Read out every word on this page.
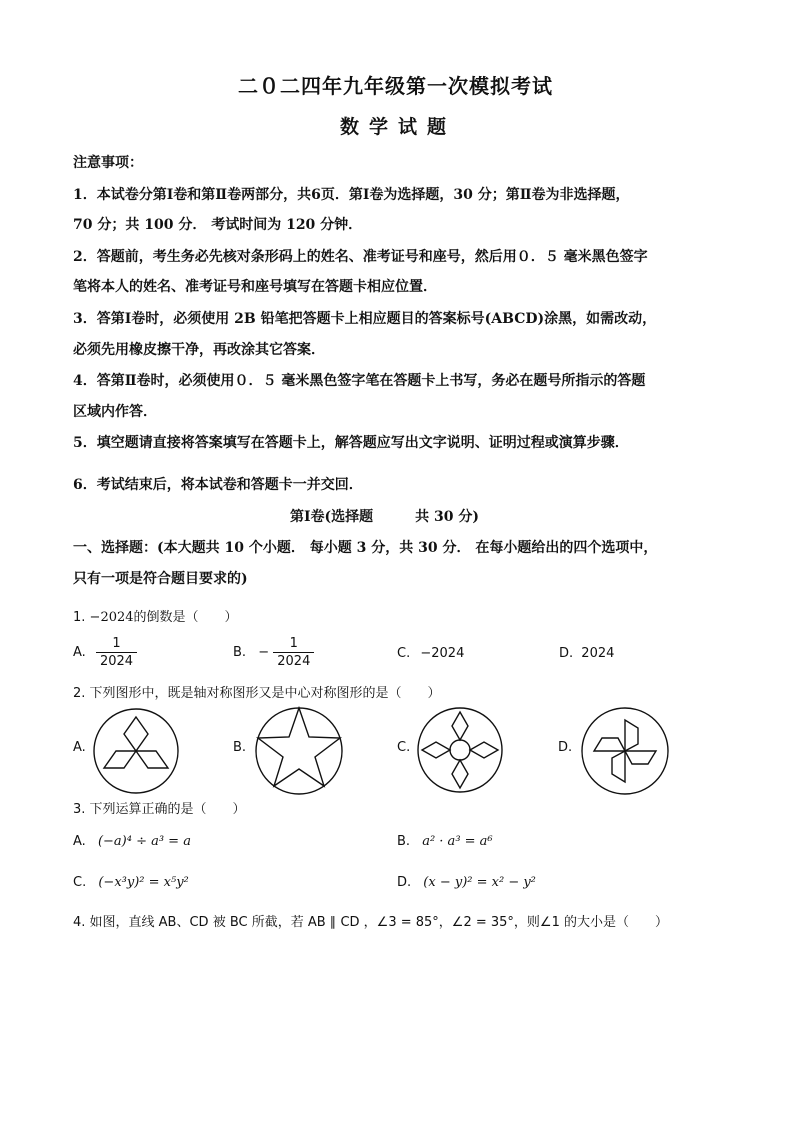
二０二四年九年级第一次模拟考试
数学试题
注意事项：
1．本试卷分第Ⅰ卷和第Ⅱ卷两部分，共6页．第Ⅰ卷为选择题，30 分；第Ⅱ卷为非选择题，
70 分；共 100 分． 考试时间为 120 分钟．
2．答题前，考生务必先核对条形码上的姓名、准考证号和座号，然后用０．５ 毫米黑色签字
笔将本人的姓名、准考证号和座号填写在答题卡相应位置．
3．答第Ⅰ卷时，必须使用 2B 铅笔把答题卡上相应题目的答案标号(ABCD)涂黑，如需改动，
必须先用橡皮擦干净，再改涂其它答案．
4．答第Ⅱ卷时，必须使用０．５ 毫米黑色签字笔在答题卡上书写，务必在题号所指示的答题
区域内作答．
5．填空题请直接将答案填写在答题卡上，解答题应写出文字说明、证明过程或演算步骤．
6．考试结束后，将本试卷和答题卡一并交回．
第Ⅰ卷(选择题　　　共 30 分)
一、选择题：(本大题共 10 个小题． 每小题 3 分，共 30 分． 在每小题给出的四个选项中，
只有一项是符合题目要求的)
1. −2024的倒数是（　　）
A. $\frac{1}{2024}$	B. − $\frac{1}{2024}$	C. −2024	D. 2024
2. 下列图形中，既是轴对称图形又是中心对称图形的是（　　）
A.	B.	C.	D.
3. 下列运算正确的是（　　）
A. (−a)⁴ ÷ a³ = a	B. a² · a³ = a⁶
C. (−x³y)² = x⁵y²	D. (x − y)² = x² − y²
4. 如图，直线 AB、CD 被 BC 所截，若 AB ∥ CD ，∠3 = 85°，∠2 = 35°，则∠1 的大小是（　　）
